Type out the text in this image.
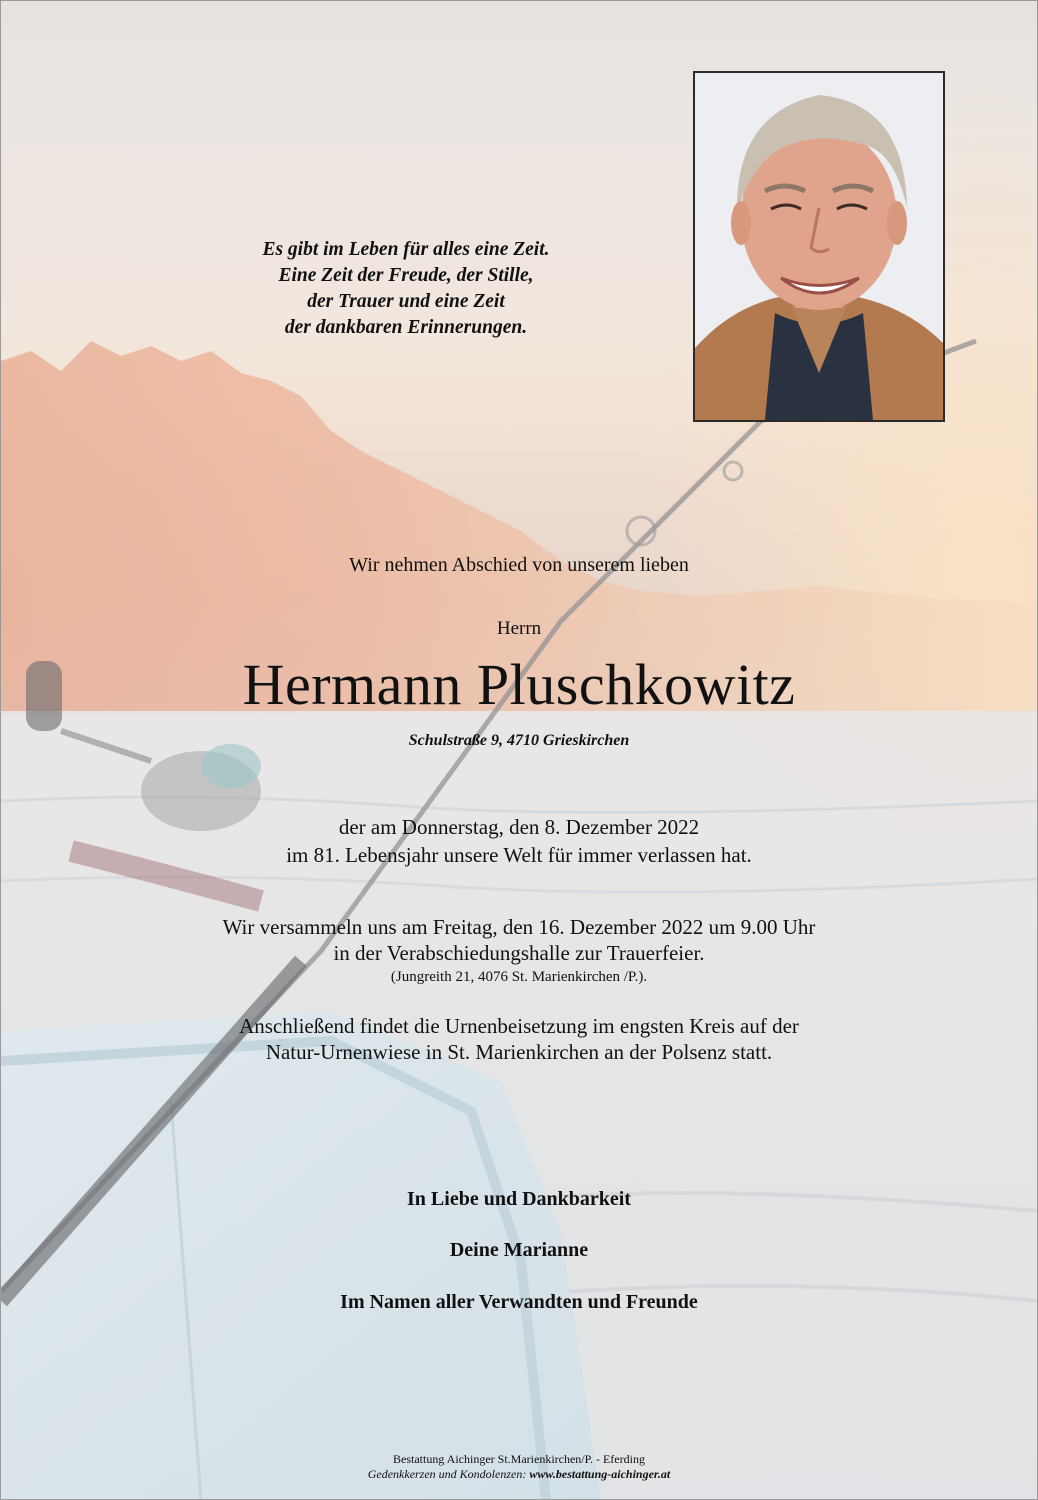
Es gibt im Leben für alles eine Zeit.
Eine Zeit der Freude, der Stille,
der Trauer und eine Zeit
der dankbaren Erinnerungen.
Wir nehmen Abschied von unserem lieben
Herrn
Hermann Pluschkowitz
Schulstraße 9, 4710 Grieskirchen
der am Donnerstag, den 8. Dezember 2022
im 81. Lebensjahr unsere Welt für immer verlassen hat.
Wir versammeln uns am Freitag, den 16. Dezember 2022 um 9.00 Uhr
in der Verabschiedungshalle zur Trauerfeier.
(Jungreith 21, 4076 St. Marienkirchen /P.).
Anschließend findet die Urnenbeisetzung im engsten Kreis auf der
Natur-Urnenwiese in St. Marienkirchen an der Polsenz statt.
In Liebe und Dankbarkeit
Deine Marianne
Im Namen aller Verwandten und Freunde
Bestattung Aichinger St.Marienkirchen/P. - Eferding
Gedenkkerzen und Kondolenzen: www.bestattung-aichinger.at
